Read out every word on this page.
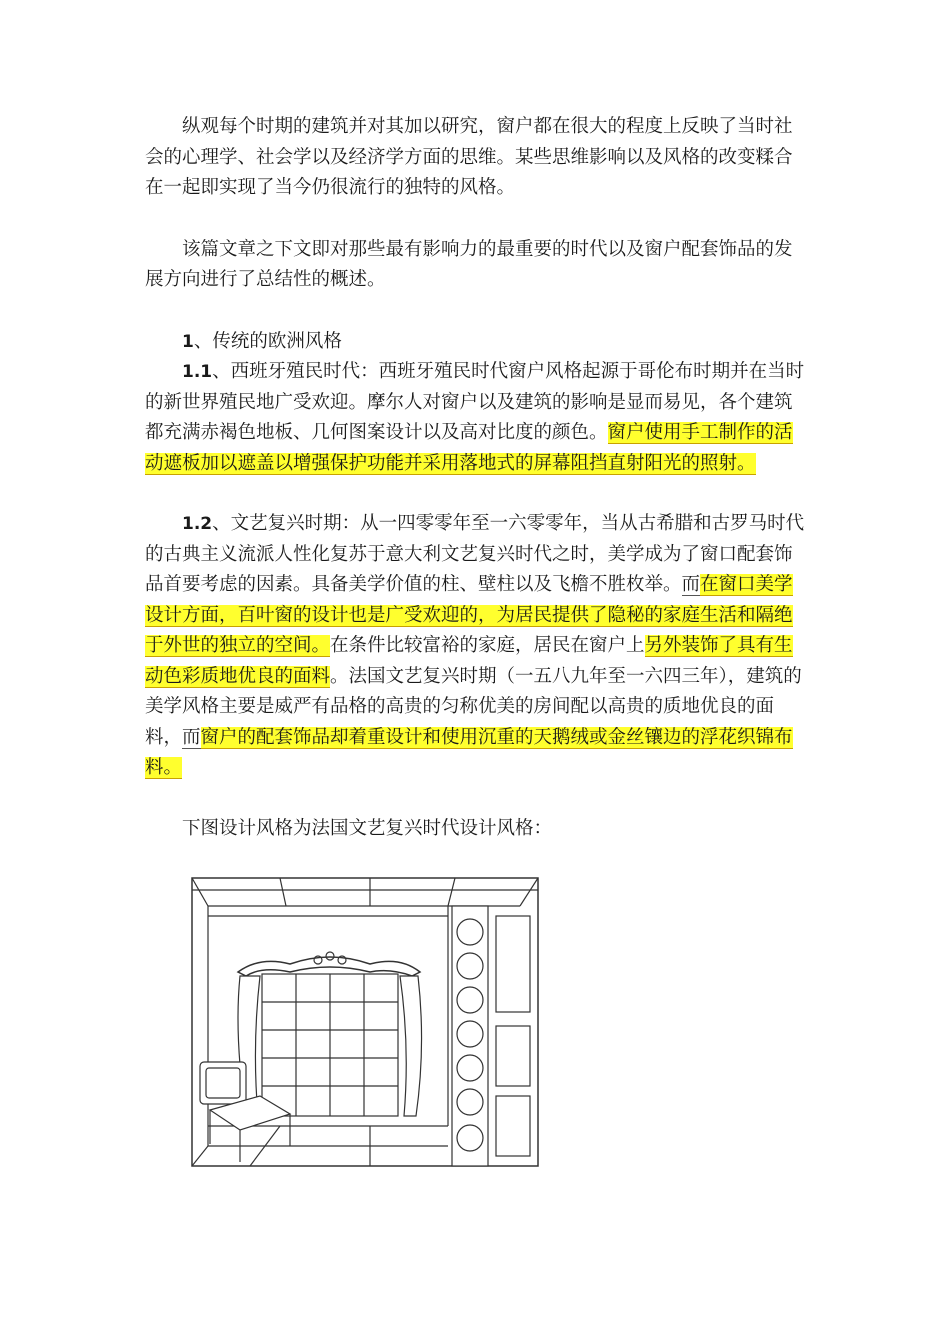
纵观每个时期的建筑并对其加以研究，窗户都在很大的程度上反映了当时社会的心理学、社会学以及经济学方面的思维。某些思维影响以及风格的改变糅合在一起即实现了当今仍很流行的独特的风格。

该篇文章之下文即对那些最有影响力的最重要的时代以及窗户配套饰品的发展方向进行了总结性的概述。

1、传统的欧洲风格

1.1、西班牙殖民时代：西班牙殖民时代窗户风格起源于哥伦布时期并在当时的新世界殖民地广受欢迎。摩尔人对窗户以及建筑的影响是显而易见，各个建筑都充满赤褐色地板、几何图案设计以及高对比度的颜色。窗户使用手工制作的活动遮板加以遮盖以增强保护功能并采用落地式的屏幕阻挡直射阳光的照射。

1.2、文艺复兴时期：从一四零零年至一六零零年，当从古希腊和古罗马时代的古典主义流派人性化复苏于意大利文艺复兴时代之时，美学成为了窗口配套饰品首要考虑的因素。具备美学价值的柱、壁柱以及飞檐不胜枚举。而在窗口美学设计方面，百叶窗的设计也是广受欢迎的，为居民提供了隐秘的家庭生活和隔绝于外世的独立的空间。在条件比较富裕的家庭，居民在窗户上另外装饰了具有生动色彩质地优良的面料。法国文艺复兴时期（一五八九年至一六四三年），建筑的美学风格主要是威严有品格的高贵的匀称优美的房间配以高贵的质地优良的面料，而窗户的配套饰品却着重设计和使用沉重的天鹅绒或金丝镶边的浮花织锦布料。

下图设计风格为法国文艺复兴时代设计风格：
